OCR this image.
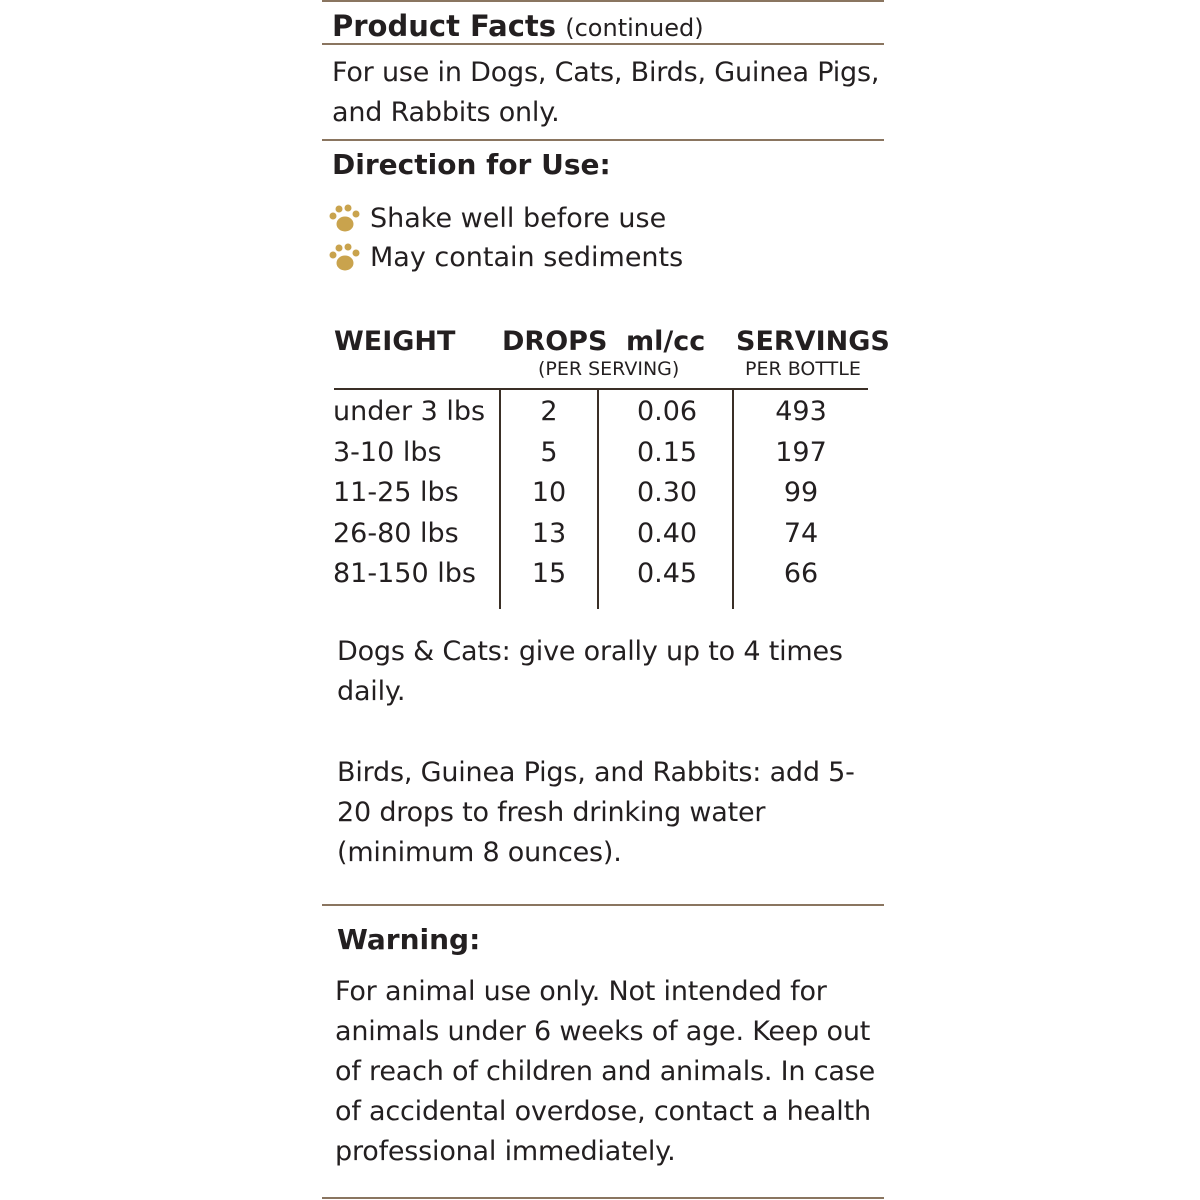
Product Facts (continued)
For use in Dogs, Cats, Birds, Guinea Pigs, and Rabbits only.
Direction for Use:
Shake well before use
May contain sediments
WEIGHT DROPS ml/cc
(PER SERVING)
SERVINGS
PER BOTTLE
under 3 lbs	2	0.06	493
3-10 lbs	5	0.15	197
11-25 lbs	10	0.30	99
26-80 lbs	13	0.40	74
81-150 lbs	15	0.45	66
Dogs & Cats: give orally up to 4 times daily.
Birds, Guinea Pigs, and Rabbits: add 5-20 drops to fresh drinking water (minimum 8 ounces).
Warning:
For animal use only. Not intended for animals under 6 weeks of age. Keep out of reach of children and animals. In case of accidental overdose, contact a health professional immediately.
